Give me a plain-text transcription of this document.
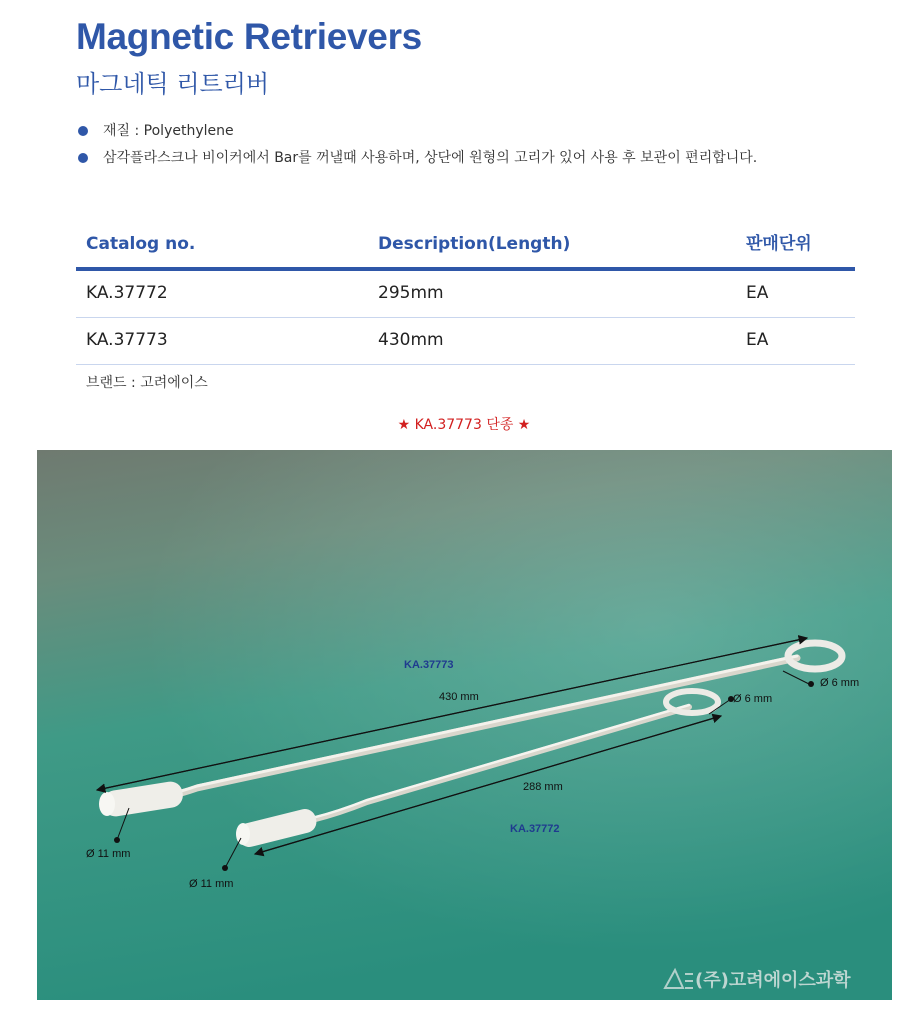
Magnetic Retrievers
마그네틱 리트리버
재질 : Polyethylene
삼각플라스크나 비이커에서 Bar를 꺼낼때 사용하며, 상단에 원형의 고리가 있어 사용 후 보관이 편리합니다.
Catalog no.	Description(Length)	판매단위
KA.37772	295mm	EA
KA.37773	430mm	EA
브랜드 : 고려에이스
★ KA.37773 단종 ★
KA.37773
430 mm
Ø 6 mm
Ø 6 mm
288 mm
KA.37772
Ø 11 mm
Ø 11 mm
(주)고려에이스과학
